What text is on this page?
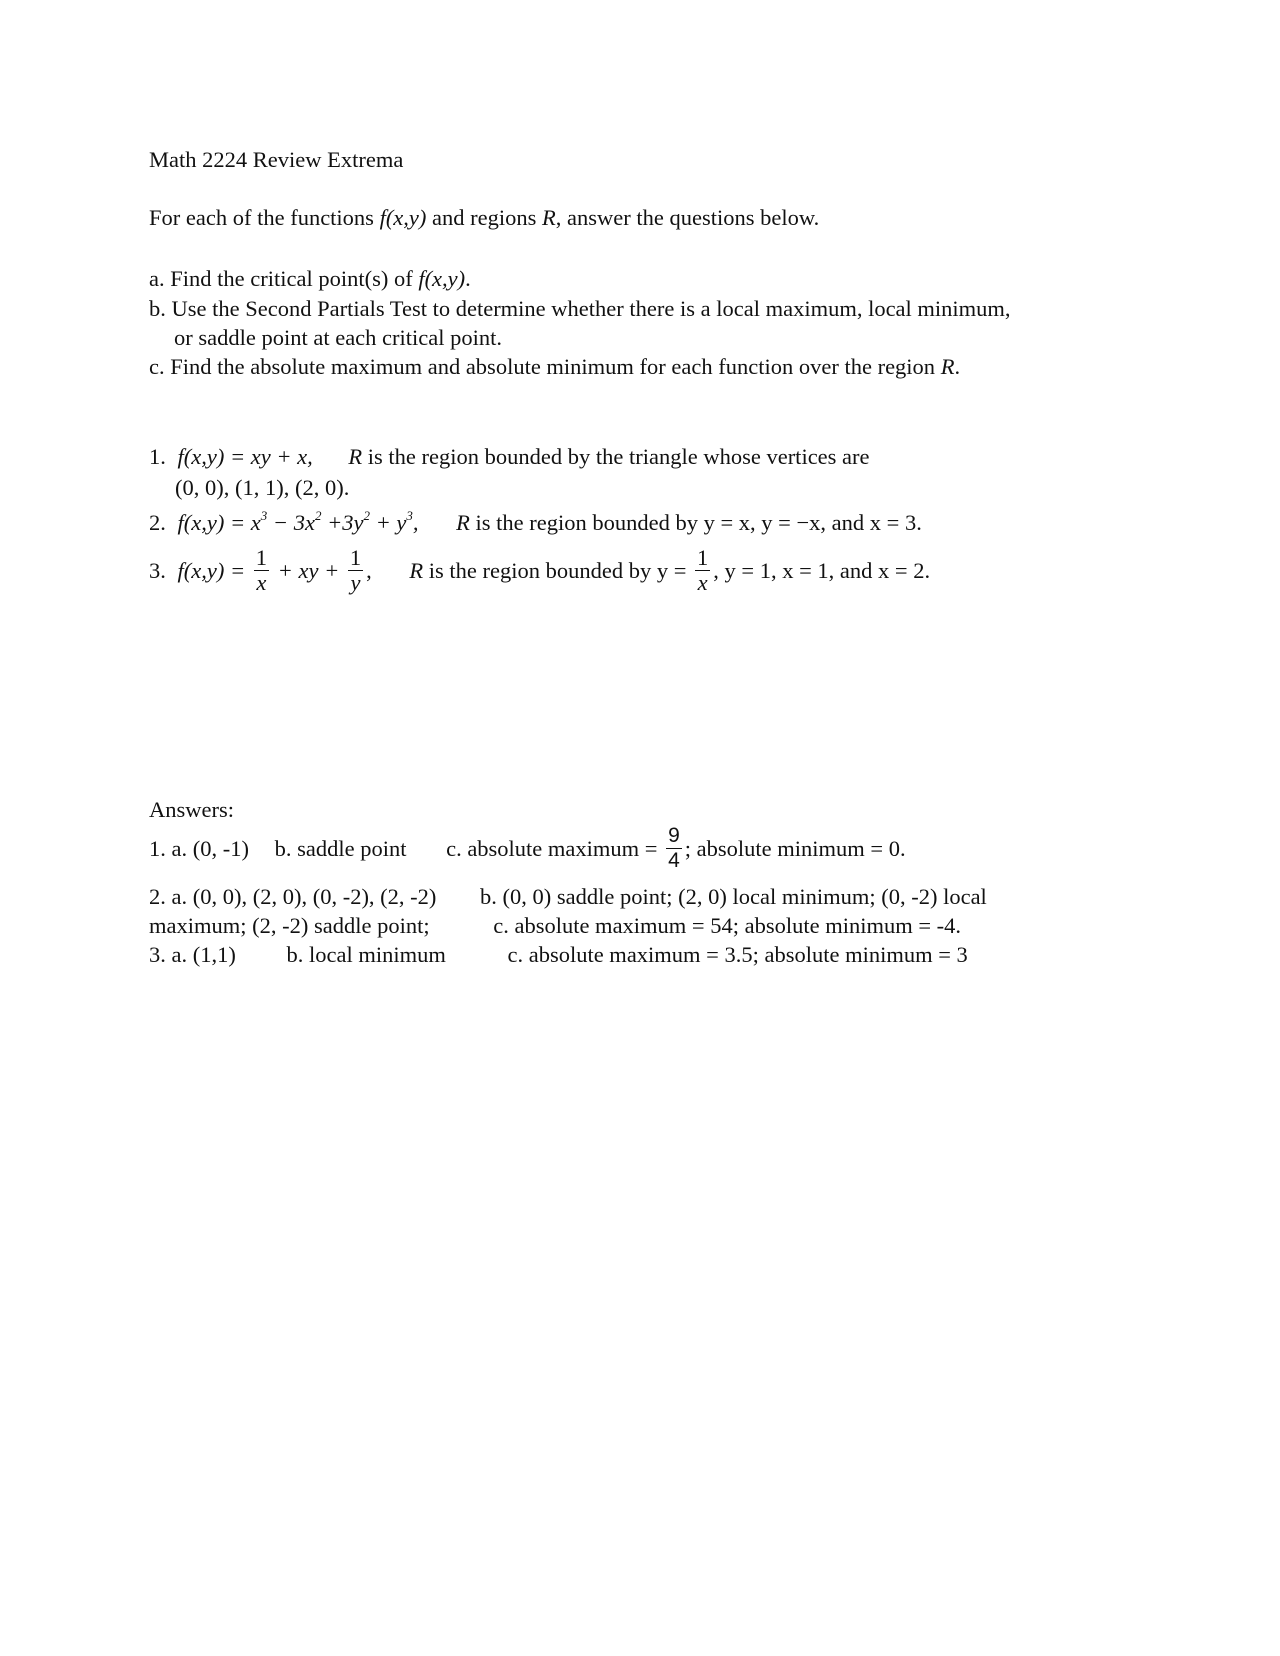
Math 2224 Review Extrema
For each of the functions f(x,y) and regions R, answer the questions below.
a. Find the critical point(s) of f(x,y).
b. Use the Second Partials Test to determine whether there is a local maximum, local minimum,
or saddle point at each critical point.
c. Find the absolute maximum and absolute minimum for each function over the region R.
1. f(x,y) = xy + x, R is the region bounded by the triangle whose vertices are
(0, 0), (1, 1), (2, 0).
2. $f(x,y) = x^3 - 3x^2 +3y^2 + y^3$, R is the region bounded by y = x, y = −x, and x = 3.
3. $f(x,y) = \frac{1}{x}$ + xy + $\frac{1}{y}$ , R is the region bounded by $y = \frac{1}{x}$ , y = 1, x = 1, and x = 2.
Answers:
1. a. (0, -1) b. saddle point c. absolute maximum = $\frac{9}{4}$ ; absolute minimum = 0.
2. a. (0, 0), (2, 0), (0, -2), (2, -2) b. (0, 0) saddle point; (2, 0) local minimum; (0, -2) local
maximum; (2, -2) saddle point;	c. absolute maximum = 54; absolute minimum = -4.
3. a. (1,1) b. local minimum	c. absolute maximum = 3.5; absolute minimum = 3
